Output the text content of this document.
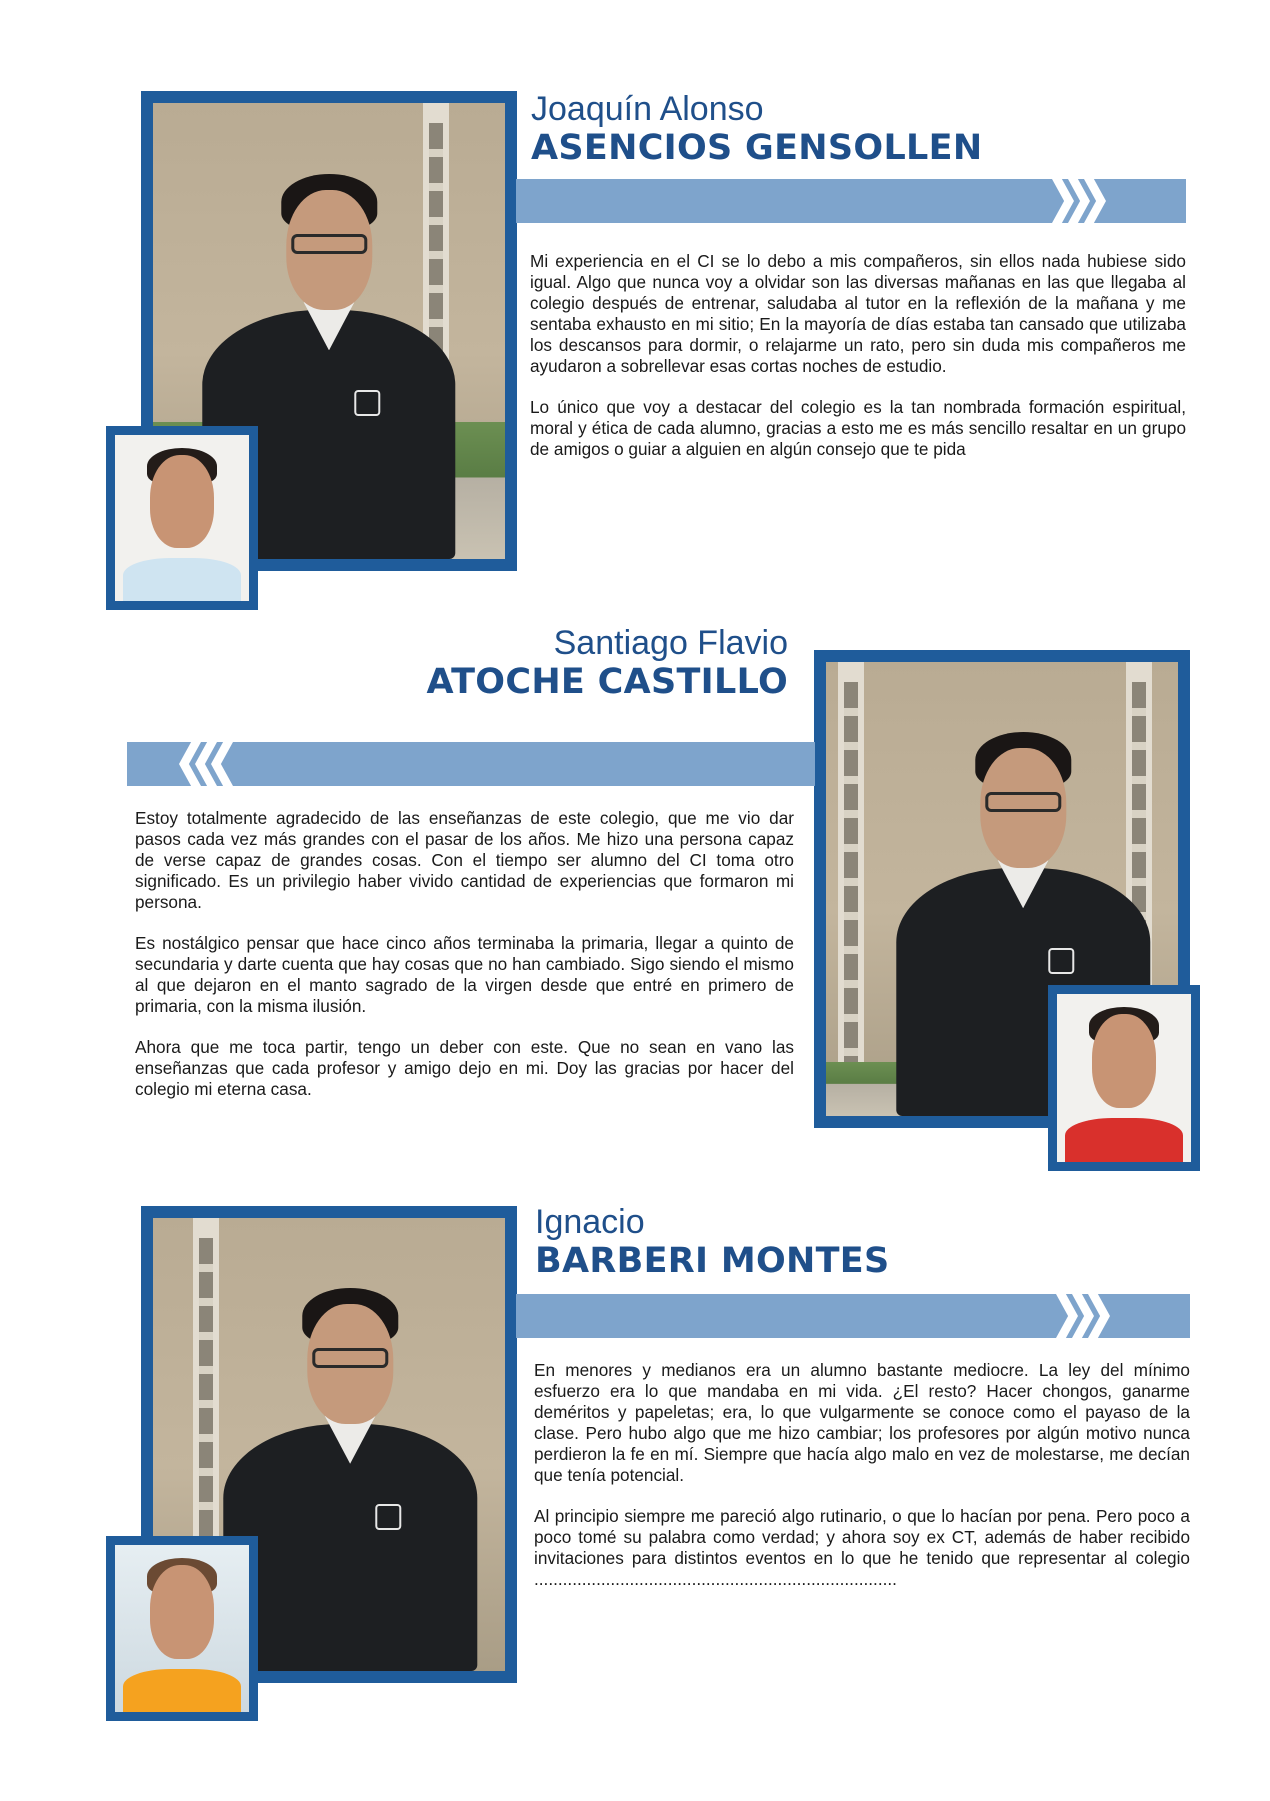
Joaquín Alonso

ASENCIOS GENSOLLEN

Mi experiencia en el CI se lo debo a mis compañeros, sin ellos nada hubiese sido igual. Algo que nunca voy a olvidar son las diversas mañanas en las que llegaba al colegio después de entrenar, saludaba al tutor en la reflexión de la mañana y me sentaba exhausto en mi sitio; En la mayoría de días estaba tan cansado que utilizaba los descansos para dormir, o relajarme un rato, pero sin duda mis compañeros me ayudaron a sobrellevar esas cortas noches de estudio.

Lo único que voy a destacar del colegio es la tan nombrada formación espiritual, moral y ética de cada alumno, gracias a esto me es más sencillo resaltar en un grupo de amigos o guiar a alguien en algún consejo que te pida

Santiago Flavio

ATOCHE CASTILLO

Estoy totalmente agradecido de las enseñanzas de este colegio, que me vio dar pasos cada vez más grandes con el pasar de los años. Me hizo una persona capaz de verse capaz de grandes cosas. Con el tiempo ser alumno del CI toma otro significado. Es un privilegio haber vivido cantidad de experiencias que formaron mi persona.

Es nostálgico pensar que hace cinco años terminaba la primaria, llegar a quinto de secundaria y darte cuenta que hay cosas que no han cambiado. Sigo siendo el mismo al que dejaron en el manto sagrado de la virgen desde que entré en primero de primaria, con la misma ilusión.

Ahora que me toca partir, tengo un deber con este. Que no sean en vano las enseñanzas que cada profesor y amigo dejo en mi. Doy las gracias por hacer del colegio mi eterna casa.

Ignacio

BARBERI MONTES

En menores y medianos era un alumno bastante mediocre. La ley del mínimo esfuerzo era lo que mandaba en mi vida. ¿El resto? Hacer chongos, ganarme deméritos y papeletas; era, lo que vulgarmente se conoce como el payaso de la clase. Pero hubo algo que me hizo cambiar; los profesores por algún motivo nunca perdieron la fe en mí. Siempre que hacía algo malo en vez de molestarse, me decían que tenía potencial.

Al principio siempre me pareció algo rutinario, o que lo hacían por pena. Pero poco a poco tomé su palabra como verdad; y ahora soy ex CT, además de haber recibido invitaciones para distintos eventos en lo que he tenido que representar al colegio ............................................................................
